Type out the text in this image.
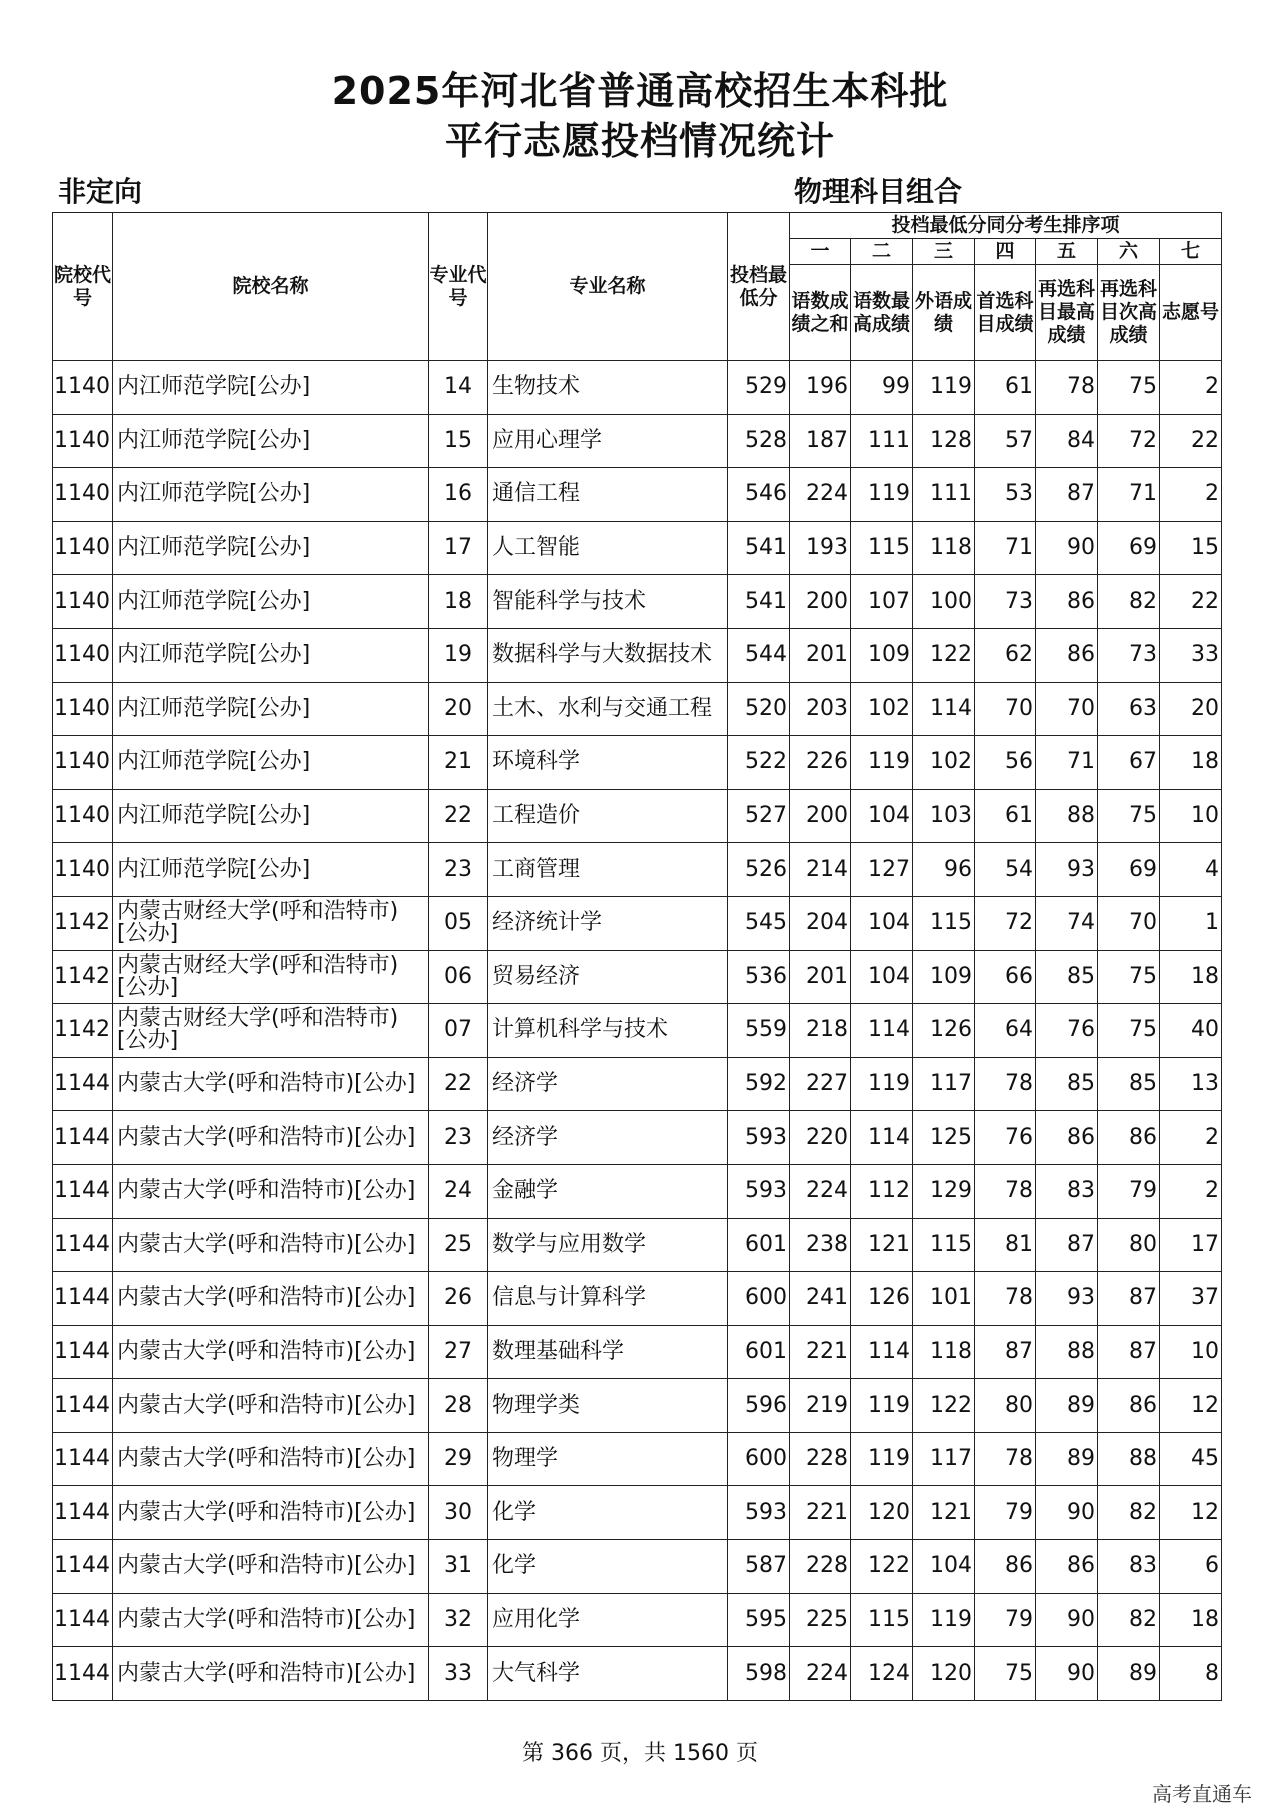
2025年河北省普通高校招生本科批
平行志愿投档情况统计
非定向	物理科目组合
院校代号	院校名称	专业代号	专业名称	投档最低分	投档最低分同分考生排序项						
					一	二	三	四	五	六	七
					语数成绩之和	语数最高成绩	外语成绩	首选科目成绩	再选科目最高成绩	再选科目次高成绩	志愿号
1140	内江师范学院[公办]	14	生物技术	529	196	99	119	61	78	75	2
1140	内江师范学院[公办]	15	应用心理学	528	187	111	128	57	84	72	22
1140	内江师范学院[公办]	16	通信工程	546	224	119	111	53	87	71	2
1140	内江师范学院[公办]	17	人工智能	541	193	115	118	71	90	69	15
1140	内江师范学院[公办]	18	智能科学与技术	541	200	107	100	73	86	82	22
1140	内江师范学院[公办]	19	数据科学与大数据技术	544	201	109	122	62	86	73	33
1140	内江师范学院[公办]	20	土木、水利与交通工程	520	203	102	114	70	70	63	20
1140	内江师范学院[公办]	21	环境科学	522	226	119	102	56	71	67	18
1140	内江师范学院[公办]	22	工程造价	527	200	104	103	61	88	75	10
1140	内江师范学院[公办]	23	工商管理	526	214	127	96	54	93	69	4
1142	内蒙古财经大学(呼和浩特市)[公办]	05	经济统计学	545	204	104	115	72	74	70	1
1142	内蒙古财经大学(呼和浩特市)[公办]	06	贸易经济	536	201	104	109	66	85	75	18
1142	内蒙古财经大学(呼和浩特市)[公办]	07	计算机科学与技术	559	218	114	126	64	76	75	40
1144	内蒙古大学(呼和浩特市)[公办]	22	经济学	592	227	119	117	78	85	85	13
1144	内蒙古大学(呼和浩特市)[公办]	23	经济学	593	220	114	125	76	86	86	2
1144	内蒙古大学(呼和浩特市)[公办]	24	金融学	593	224	112	129	78	83	79	2
1144	内蒙古大学(呼和浩特市)[公办]	25	数学与应用数学	601	238	121	115	81	87	80	17
1144	内蒙古大学(呼和浩特市)[公办]	26	信息与计算科学	600	241	126	101	78	93	87	37
1144	内蒙古大学(呼和浩特市)[公办]	27	数理基础科学	601	221	114	118	87	88	87	10
1144	内蒙古大学(呼和浩特市)[公办]	28	物理学类	596	219	119	122	80	89	86	12
1144	内蒙古大学(呼和浩特市)[公办]	29	物理学	600	228	119	117	78	89	88	45
1144	内蒙古大学(呼和浩特市)[公办]	30	化学	593	221	120	121	79	90	82	12
1144	内蒙古大学(呼和浩特市)[公办]	31	化学	587	228	122	104	86	86	83	6
1144	内蒙古大学(呼和浩特市)[公办]	32	应用化学	595	225	115	119	79	90	82	18
1144	内蒙古大学(呼和浩特市)[公办]	33	大气科学	598	224	124	120	75	90	89	8
第 366 页，共 1560 页
高考直通车
